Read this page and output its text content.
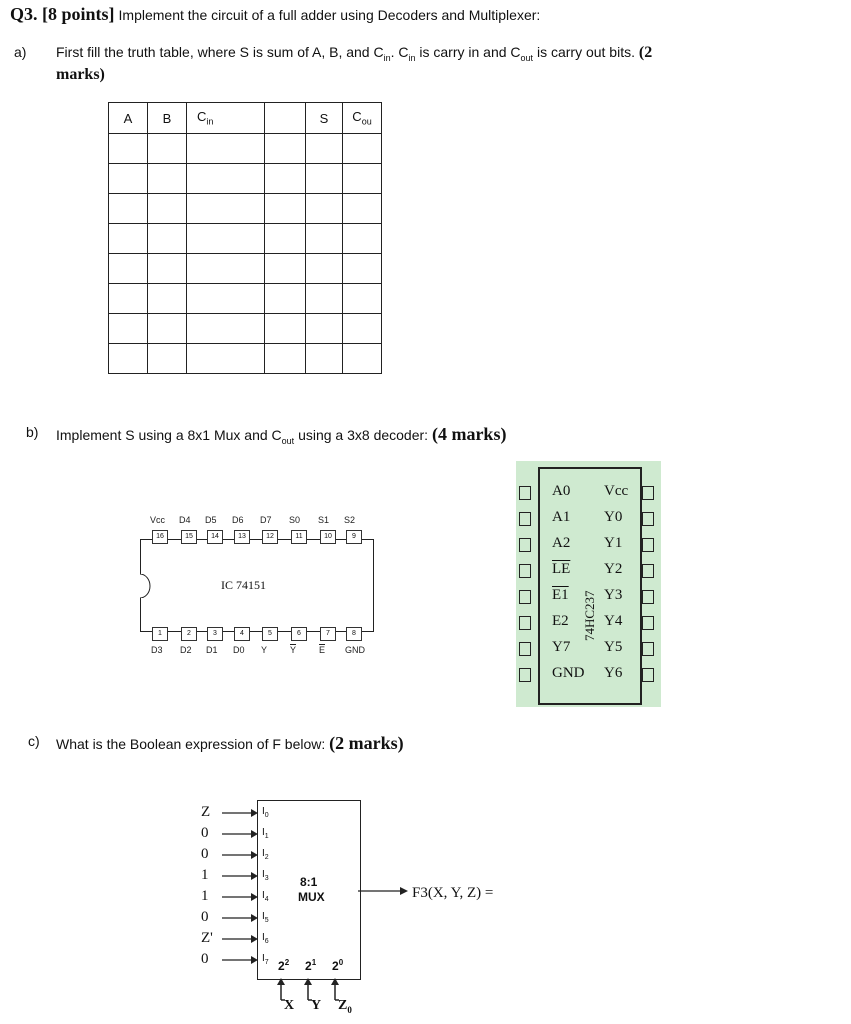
Q3. [8 points] Implement the circuit of a full adder using Decoders and Multiplexer:
a) First fill the truth table, where S is sum of A, B, and $C_{in}$. $C_{in}$ is carry in and $C_{out}$ is carry out bits. (2
marks)
A	B	$C_{in}$		S	$C_{ou}$

b) Implement S using a 8x1 Mux and $C_{out}$ using a 3x8 decoder: (4 marks)
IC 74151
Vcc
16
1
D3
D4
15
2
D2
D5
14
3
D1
D6
13
4
D0
D7
12
5
Y
S0
11
6
$\overline{Y}$
S1
10
7
$\overline{E}$
S2
9
8
GND
74HC237
A0 Vcc
A1 Y0
A2 Y1
$\overline{LE}$ Y2
E1 Y3
E2 Y4
Y7 Y5
GND Y6
c) What is the Boolean expression of F below: (2 marks)
8:1
MUX
Z	$I_0$
0	$I_1$
0	$I_2$
1	$I_3$
1	$I_4$
0	$I_5$
Z'	$I_6$
0	$I_7$ $2^2$
X
$2^1$
Y
$2^0$
$Z_0$
F3(X, Y, Z) =
